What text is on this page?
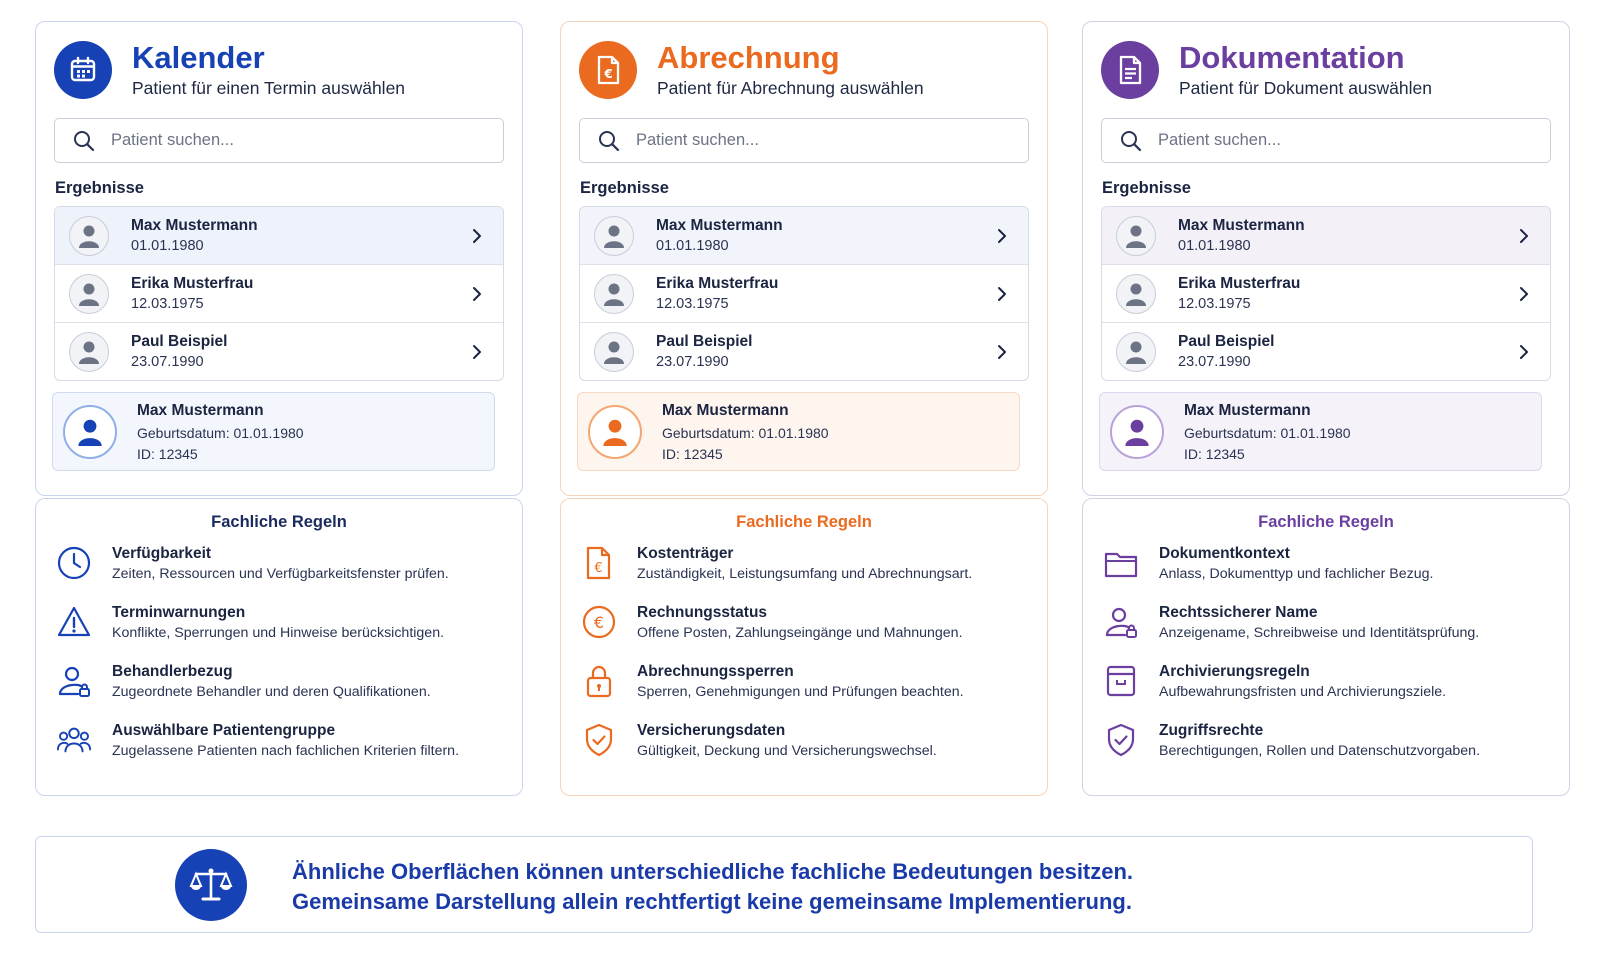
Kalender
Patient für einen Termin auswählen
Patient suchen...
Ergebnisse
Max Mustermann
01.01.1980
Erika Musterfrau
12.03.1975
Paul Beispiel
23.07.1990
Max Mustermann
Geburtsdatum: 01.01.1980
ID: 12345
Fachliche Regeln
Verfügbarkeit
Zeiten, Ressourcen und Verfügbarkeitsfenster prüfen.
Terminwarnungen
Konflikte, Sperrungen und Hinweise berücksichtigen.
Behandlerbezug
Zugeordnete Behandler und deren Qualifikationen.
Auswählbare Patientengruppe
Zugelassene Patienten nach fachlichen Kriterien filtern.
€ Abrechnung
Patient für Abrechnung auswählen
Patient suchen...
Ergebnisse
Max Mustermann
01.01.1980
Erika Musterfrau
12.03.1975
Paul Beispiel
23.07.1990
Max Mustermann
Geburtsdatum: 01.01.1980
ID: 12345
Fachliche Regeln
€
Kostenträger
Zuständigkeit, Leistungsumfang und Abrechnungsart.
€
Rechnungsstatus
Offene Posten, Zahlungseingänge und Mahnungen.
Abrechnungssperren
Sperren, Genehmigungen und Prüfungen beachten.
Versicherungsdaten
Gültigkeit, Deckung und Versicherungswechsel.
Dokumentation
Patient für Dokument auswählen
Patient suchen...
Ergebnisse
Max Mustermann
01.01.1980
Erika Musterfrau
12.03.1975
Paul Beispiel
23.07.1990
Max Mustermann
Geburtsdatum: 01.01.1980
ID: 12345
Fachliche Regeln
Dokumentkontext
Anlass, Dokumenttyp und fachlicher Bezug.
Rechtssicherer Name
Anzeigename, Schreibweise und Identitätsprüfung.
Archivierungsregeln
Aufbewahrungsfristen und Archivierungsziele.
Zugriffsrechte
Berechtigungen, Rollen und Datenschutzvorgaben.
Ähnliche Oberflächen können unterschiedliche fachliche Bedeutungen besitzen.
Gemeinsame Darstellung allein rechtfertigt keine gemeinsame Implementierung.
